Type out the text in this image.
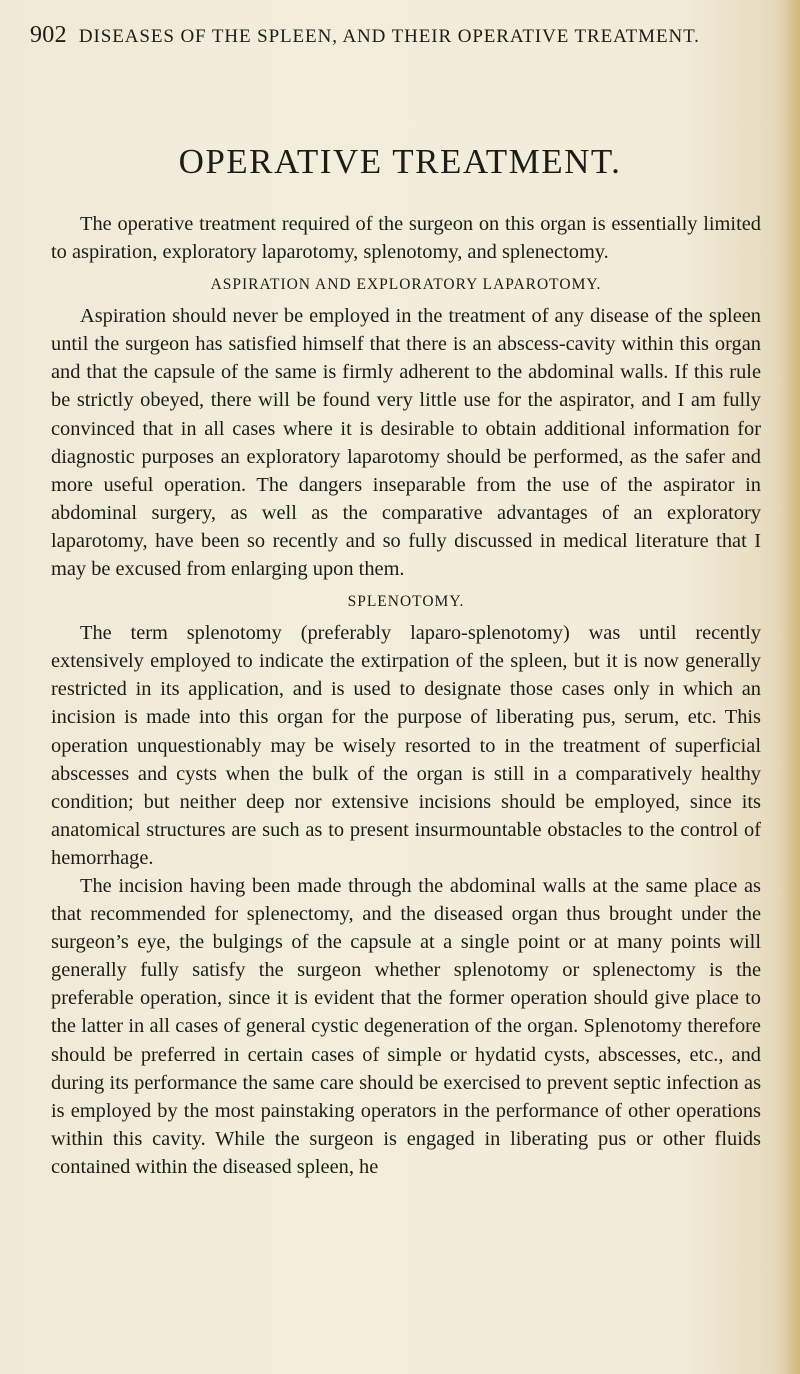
902 DISEASES OF THE SPLEEN, AND THEIR OPERATIVE TREATMENT.
OPERATIVE TREATMENT.

The operative treatment required of the surgeon on this organ is essentially limited to aspiration, exploratory laparotomy, splenotomy, and splenectomy.

ASPIRATION AND EXPLORATORY LAPAROTOMY.

Aspiration should never be employed in the treatment of any disease of the spleen until the surgeon has satisfied himself that there is an abscess-cavity within this organ and that the capsule of the same is firmly adherent to the abdominal walls. If this rule be strictly obeyed, there will be found very little use for the aspirator, and I am fully convinced that in all cases where it is desirable to obtain additional information for diagnostic purposes an exploratory laparotomy should be performed, as the safer and more useful operation. The dangers inseparable from the use of the aspirator in abdominal surgery, as well as the comparative advantages of an exploratory laparotomy, have been so recently and so fully discussed in medical literature that I may be excused from enlarging upon them.

SPLENOTOMY.

The term splenotomy (preferably laparo-splenotomy) was until recently extensively employed to indicate the extirpation of the spleen, but it is now generally restricted in its application, and is used to designate those cases only in which an incision is made into this organ for the purpose of liberating pus, serum, etc. This operation unquestionably may be wisely resorted to in the treatment of superficial abscesses and cysts when the bulk of the organ is still in a comparatively healthy condition; but neither deep nor extensive incisions should be employed, since its anatomical structures are such as to present insurmountable obstacles to the control of hemorrhage.

The incision having been made through the abdominal walls at the same place as that recommended for splenectomy, and the diseased organ thus brought under the surgeon’s eye, the bulgings of the capsule at a single point or at many points will generally fully satisfy the surgeon whether splenotomy or splenectomy is the preferable operation, since it is evident that the former operation should give place to the latter in all cases of general cystic degeneration of the organ. Splenotomy therefore should be preferred in certain cases of simple or hydatid cysts, abscesses, etc., and during its performance the same care should be exercised to prevent septic infection as is employed by the most painstaking operators in the performance of other operations within this cavity. While the surgeon is engaged in liberating pus or other fluids contained within the diseased spleen, he
